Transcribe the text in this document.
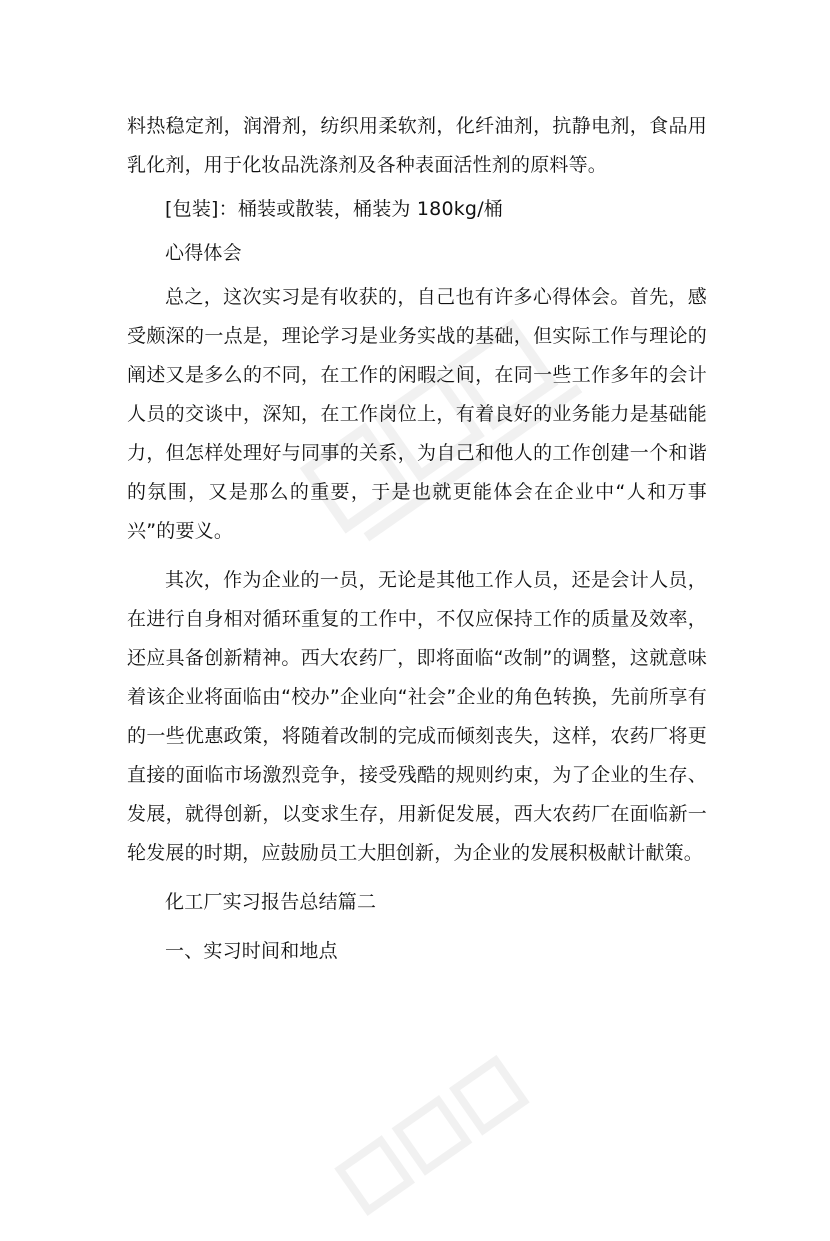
料热稳定剂，润滑剂，纺织用柔软剂，化纤油剂，抗静电剂，食品用乳化剂，用于化妆品洗涤剂及各种表面活性剂的原料等。

[包装]：桶装或散装，桶装为 180kg/桶

心得体会

总之，这次实习是有收获的，自己也有许多心得体会。首先，感受颇深的一点是，理论学习是业务实战的基础，但实际工作与理论的阐述又是多么的不同，在工作的闲暇之间，在同一些工作多年的会计人员的交谈中，深知，在工作岗位上，有着良好的业务能力是基础能力，但怎样处理好与同事的关系，为自己和他人的工作创建一个和谐的氛围，又是那么的重要，于是也就更能体会在企业中“人和万事兴”的要义。

其次，作为企业的一员，无论是其他工作人员，还是会计人员，在进行自身相对循环重复的工作中，不仅应保持工作的质量及效率，还应具备创新精神。西大农药厂，即将面临“改制”的调整，这就意味着该企业将面临由“校办”企业向“社会”企业的角色转换，先前所享有的一些优惠政策，将随着改制的完成而倾刻丧失，这样，农药厂将更直接的面临市场激烈竞争，接受残酷的规则约束，为了企业的生存、发展，就得创新，以变求生存，用新促发展，西大农药厂在面临新一轮发展的时期，应鼓励员工大胆创新，为企业的发展积极献计献策。

化工厂实习报告总结篇二

一、实习时间和地点
